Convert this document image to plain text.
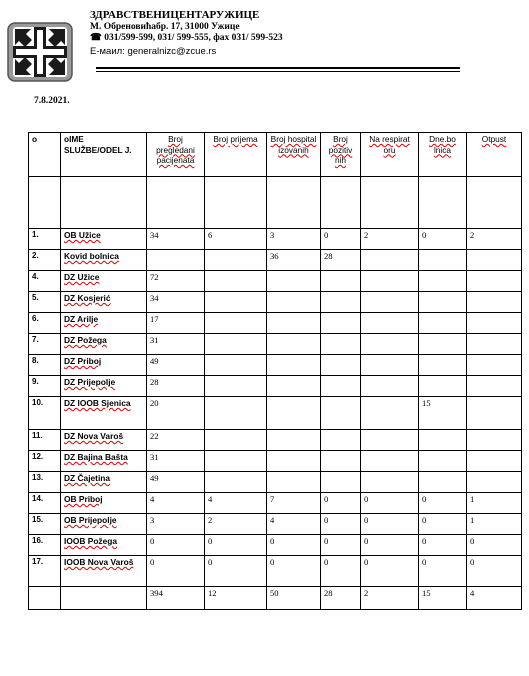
ЗДРАВСТВЕНИЦЕНТАРУЖИЦЕ
М. Обреновићабр. 17, 31000 Ужице
☎ 031/599-599, 031/ 599-555, фах 031/ 599-523
E-маил: generalnizc@zcue.rs
7.8.2021.
o	oIME SLUŽBE/ODEL J.	Broj pregledani pacijenata	Broj prijema	Broj hospital izovanih	Broj pozitiv nih	Na respirat oru	Dne.bo lnica	Otpust

1.	OB Užice	34	6	3	0	2	0	2
2.	Kovid bolnica			36	28			
4.	DZ Užice	72						
5.	DZ Kosjerić	34						
6.	DZ Arilje	17						
7.	DZ Požega	31						
8.	DZ Priboj	49						
9.	DZ Prijepolje	28						
10.	DZ IOOB Sjenica	20					15	
11.	DZ Nova Varoš	22						
12.	DZ Bajina Bašta	31						
13.	DZ Čajetina	49						
14.	OB Priboj	4	4	7	0	0	0	1
15.	OB Prijepolje	3	2	4	0	0	0	1
16.	IOOB Požega	0	0	0	0	0	0	0
17.	IOOB Nova Varoš	0	0	0	0	0	0	0
		394	12	50	28	2	15	4
